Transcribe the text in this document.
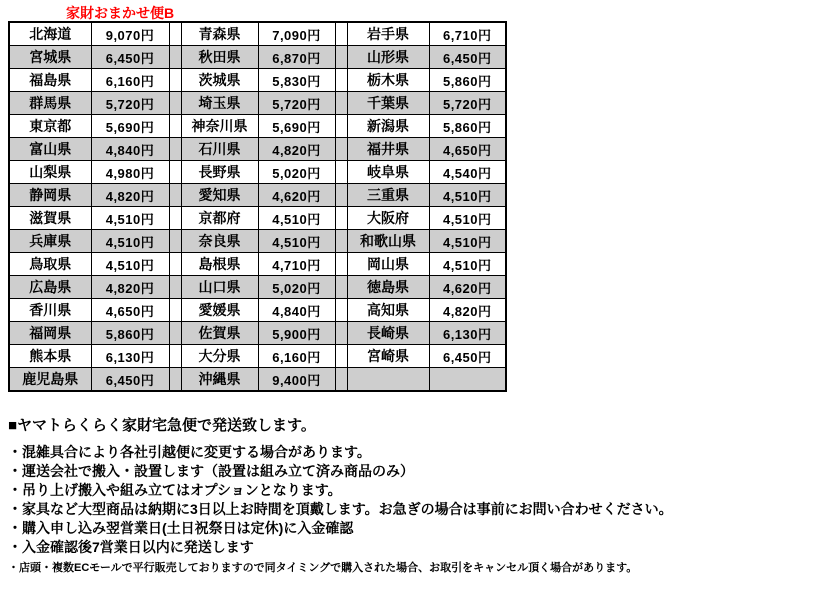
家財おまかせ便B
北海道	9,070円		青森県	7,090円		岩手県	6,710円
宮城県	6,450円		秋田県	6,870円		山形県	6,450円
福島県	6,160円		茨城県	5,830円		栃木県	5,860円
群馬県	5,720円		埼玉県	5,720円		千葉県	5,720円
東京都	5,690円		神奈川県	5,690円		新潟県	5,860円
富山県	4,840円		石川県	4,820円		福井県	4,650円
山梨県	4,980円		長野県	5,020円		岐阜県	4,540円
静岡県	4,820円		愛知県	4,620円		三重県	4,510円
滋賀県	4,510円		京都府	4,510円		大阪府	4,510円
兵庫県	4,510円		奈良県	4,510円		和歌山県	4,510円
鳥取県	4,510円		島根県	4,710円		岡山県	4,510円
広島県	4,820円		山口県	5,020円		徳島県	4,620円
香川県	4,650円		愛媛県	4,840円		高知県	4,820円
福岡県	5,860円		佐賀県	5,900円		長崎県	6,130円
熊本県	6,130円		大分県	6,160円		宮崎県	6,450円
鹿児島県	6,450円		沖縄県	9,400円			
■ヤマトらくらく家財宅急便で発送致します。
・混雑具合により各社引越便に変更する場合があります。
・運送会社で搬入・設置します（設置は組み立て済み商品のみ）
・吊り上げ搬入や組み立てはオプションとなります。
・家具など大型商品は納期に3日以上お時間を頂戴します。お急ぎの場合は事前にお問い合わせください。
・購入申し込み翌営業日(土日祝祭日は定休)に入金確認
・入金確認後7営業日以内に発送します
・店頭・複数ECモールで平行販売しておりますので同タイミングで購入された場合、お取引をキャンセル頂く場合があります。
